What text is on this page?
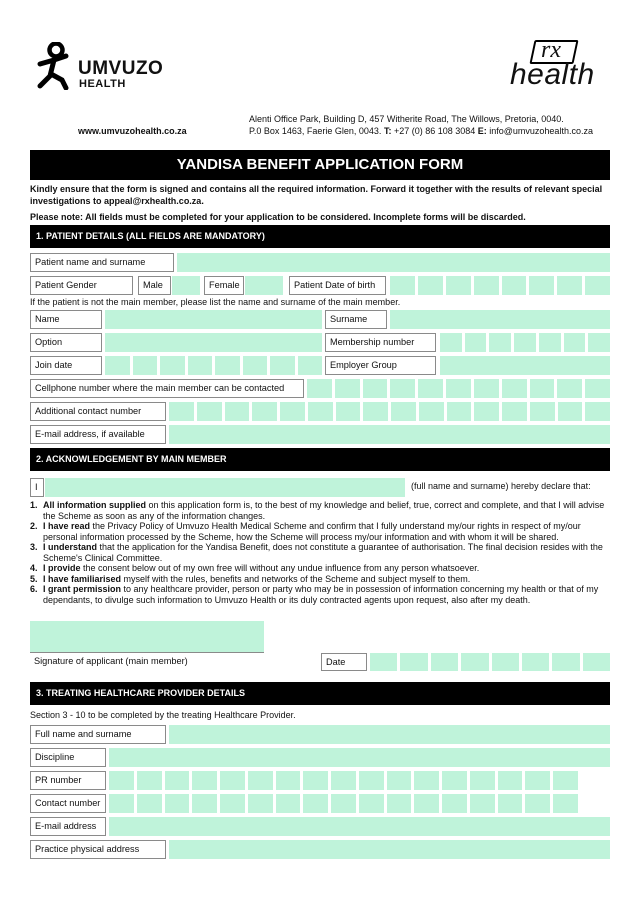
UMVUZO
HEALTH
rx
health
www.umvuzohealth.co.za
Alenti Office Park, Building D, 457 Witherite Road, The Willows, Pretoria, 0040.
P.0 Box 1463, Faerie Glen, 0043. T: +27 (0) 86 108 3084 E: info@umvuzohealth.co.za
YANDISA BENEFIT APPLICATION FORM
Kindly ensure that the form is signed and contains all the required information. Forward it together with the results of relevant special investigations to appeal@rxhealth.co.za.
Please note: All fields must be completed for your application to be considered. Incomplete forms will be discarded.
1. PATIENT DETAILS (ALL FIELDS ARE MANDATORY)
Patient name and surname
Patient Gender	Male	Female	Patient Date of birth
If the patient is not the main member, please list the name and surname of the main member.
Name	Surname
Option	Membership number
Join date	Employer Group
Cellphone number where the main member can be contacted
Additional contact number
E-mail address, if available
2. ACKNOWLEDGEMENT BY MAIN MEMBER
I	(full name and surname) hereby declare that:
1. All information supplied on this application form is, to the best of my knowledge and belief, true, correct and complete, and that I will advise the Scheme as soon as any of the information changes.
2. I have read the Privacy Policy of Umvuzo Health Medical Scheme and confirm that I fully understand my/our rights in respect of my/our personal information processed by the Scheme, how the Scheme will process my/our information and with whom it will be shared.
3. I understand that the application for the Yandisa Benefit, does not constitute a guarantee of authorisation. The final decision resides with the Scheme's Clinical Committee.
4. I provide the consent below out of my own free will without any undue influence from any person whatsoever.
5. I have familiarised myself with the rules, benefits and networks of the Scheme and subject myself to them.
6. I grant permission to any healthcare provider, person or party who may be in possession of information concerning my health or that of my dependants, to divulge such information to Umvuzo Health or its duly contracted agents upon request, also after my death.
Signature of applicant (main member)	Date
3. TREATING HEALTHCARE PROVIDER DETAILS
Section 3 - 10 to be completed by the treating Healthcare Provider.
Full name and surname
Discipline
PR number
Contact number
E-mail address
Practice physical address
